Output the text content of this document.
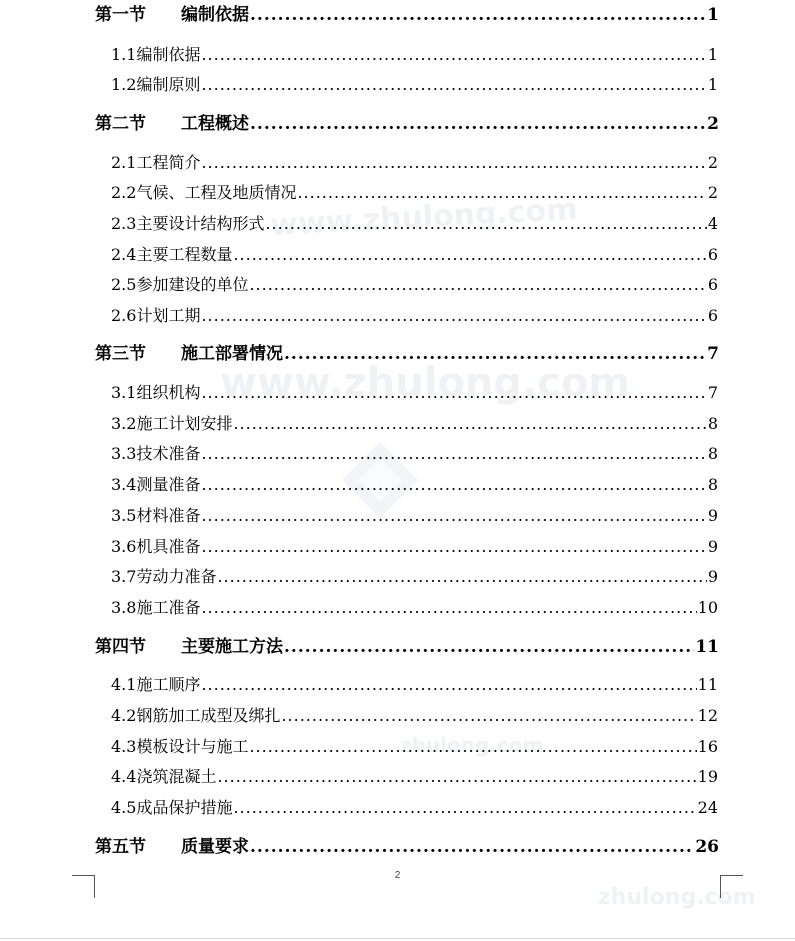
www.zhulong.com
www.zhulong.com
zhulong.com
zhulong.com
第一节	编制依据 .....	1
1.1编制依据 .....	1
1.2编制原则 .....	1
第二节	工程概述 .....	2
2.1工程简介 .....	2
2.2气候、工程及地质情况 .....	2
2.3主要设计结构形式 .....	4
2.4主要工程数量 .....	6
2.5参加建设的单位 .....	6
2.6计划工期 .....	6
第三节	施工部署情况 .....	7
3.1组织机构 .....	7
3.2施工计划安排 .....	8
3.3技术准备 .....	8
3.4测量准备 .....	8
3.5材料准备 .....	9
3.6机具准备 .....	9
3.7劳动力准备 .....	9
3.8施工准备 .....	10
第四节	主要施工方法 .....	11
4.1施工顺序 .....	11
4.2钢筋加工成型及绑扎 .....	12
4.3模板设计与施工 .....	16
4.4浇筑混凝土 .....	19
4.5成品保护措施 .....	24
第五节	质量要求 .....	26
2
